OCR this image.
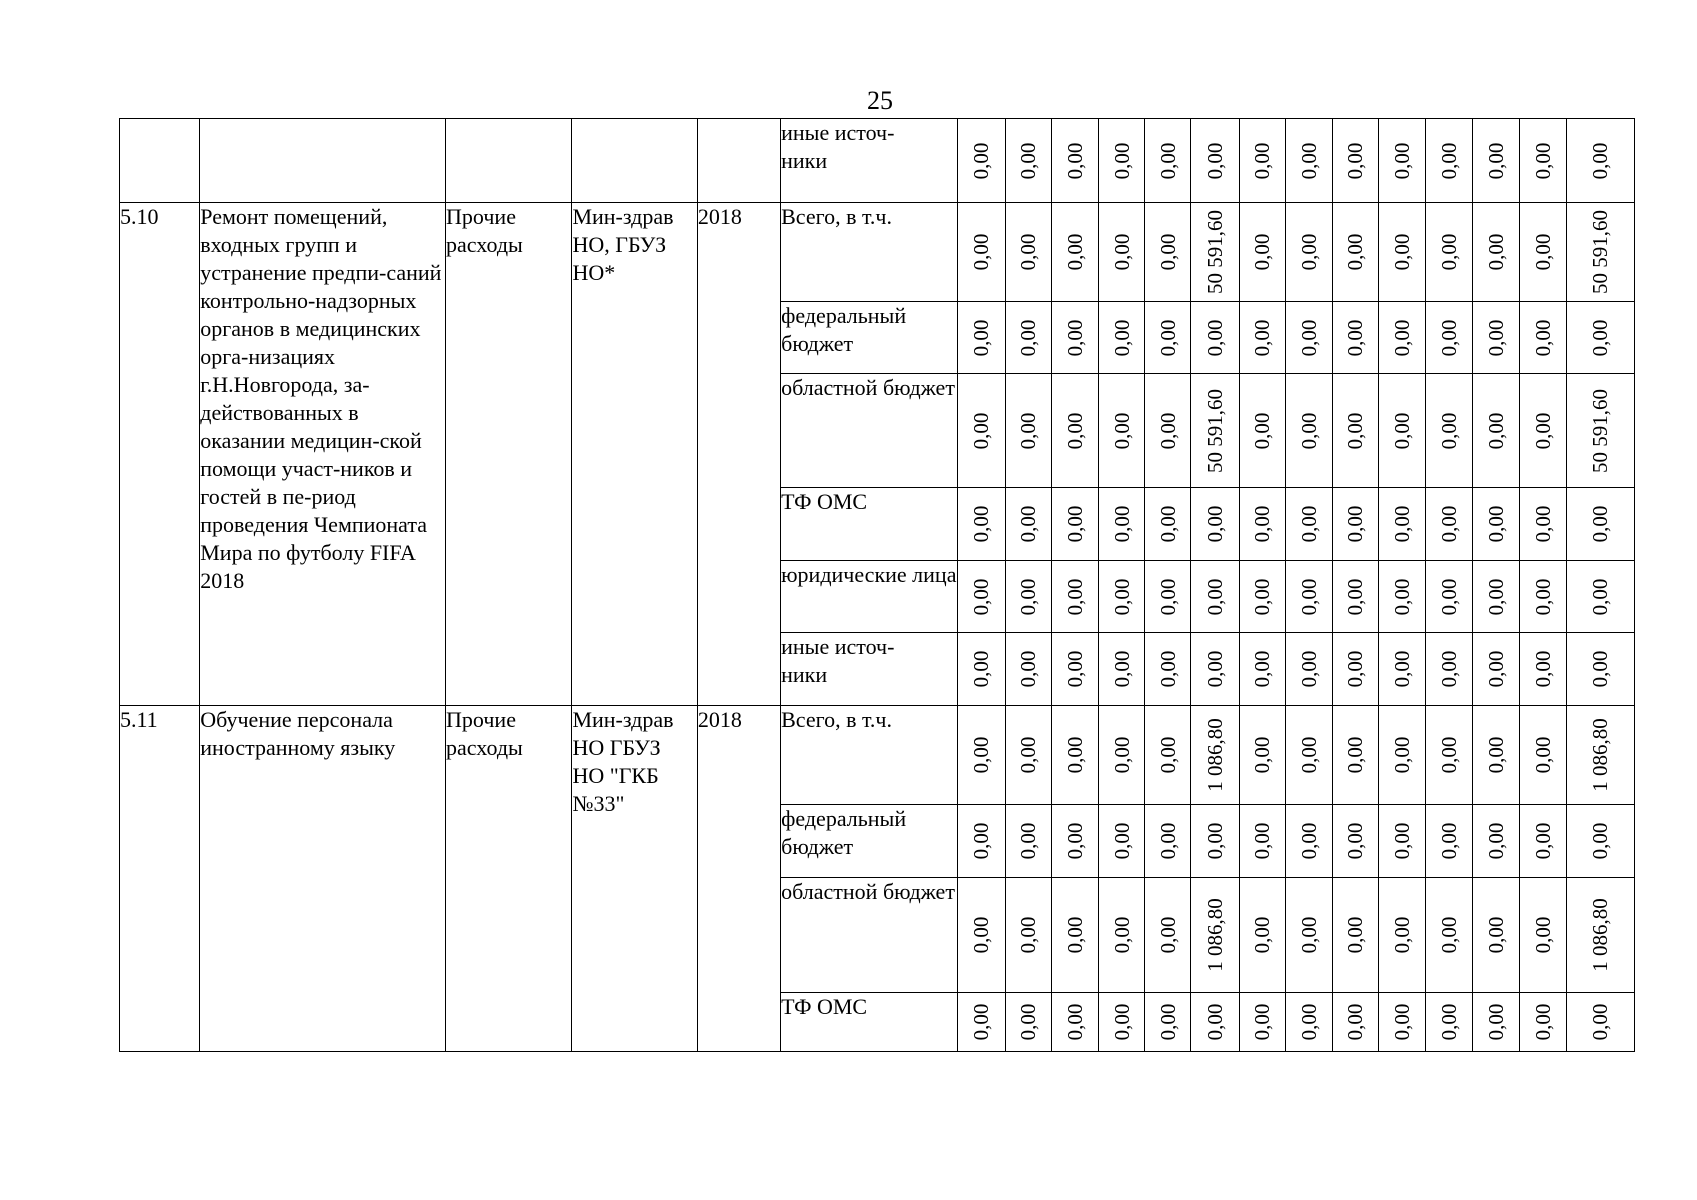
25
					иные источ-
ники	0,00	0,00	0,00	0,00	0,00	0,00	0,00	0,00	0,00	0,00	0,00	0,00	0,00	0,00

5.10	Ремонт помещений, входных групп и устранение предпи-саний контрольно-надзорных органов в медицинских орга-низациях г.Н.Новгорода, за-действованных в оказании медицин-ской помощи участ-ников и гостей в пе-риод проведения Чемпионата Мира по футболу FIFA 2018	Прочие расходы	Мин-здрав НО, ГБУЗ НО*	2018	Всего, в т.ч.	0,00	0,00	0,00	0,00	0,00	50 591,60	0,00	0,00	0,00	0,00	0,00	0,00	0,00	50 591,60

					федеральный бюджет	0,00	0,00	0,00	0,00	0,00	0,00	0,00	0,00	0,00	0,00	0,00	0,00	0,00	0,00

					областной бюджет	0,00	0,00	0,00	0,00	0,00	50 591,60	0,00	0,00	0,00	0,00	0,00	0,00	0,00	50 591,60

					ТФ ОМС	0,00	0,00	0,00	0,00	0,00	0,00	0,00	0,00	0,00	0,00	0,00	0,00	0,00	0,00

					юридические лица	0,00	0,00	0,00	0,00	0,00	0,00	0,00	0,00	0,00	0,00	0,00	0,00	0,00	0,00

					иные источ-
ники	0,00	0,00	0,00	0,00	0,00	0,00	0,00	0,00	0,00	0,00	0,00	0,00	0,00	0,00

5.11	Обучение персонала иностранному языку	Прочие расходы	Мин-здрав НО ГБУЗ НО "ГКБ №33"	2018	Всего, в т.ч.	0,00	0,00	0,00	0,00	0,00	1 086,80	0,00	0,00	0,00	0,00	0,00	0,00	0,00	1 086,80

					федеральный бюджет	0,00	0,00	0,00	0,00	0,00	0,00	0,00	0,00	0,00	0,00	0,00	0,00	0,00	0,00

					областной бюджет	0,00	0,00	0,00	0,00	0,00	1 086,80	0,00	0,00	0,00	0,00	0,00	0,00	0,00	1 086,80

					ТФ ОМС	0,00	0,00	0,00	0,00	0,00	0,00	0,00	0,00	0,00	0,00	0,00	0,00	0,00	0,00
